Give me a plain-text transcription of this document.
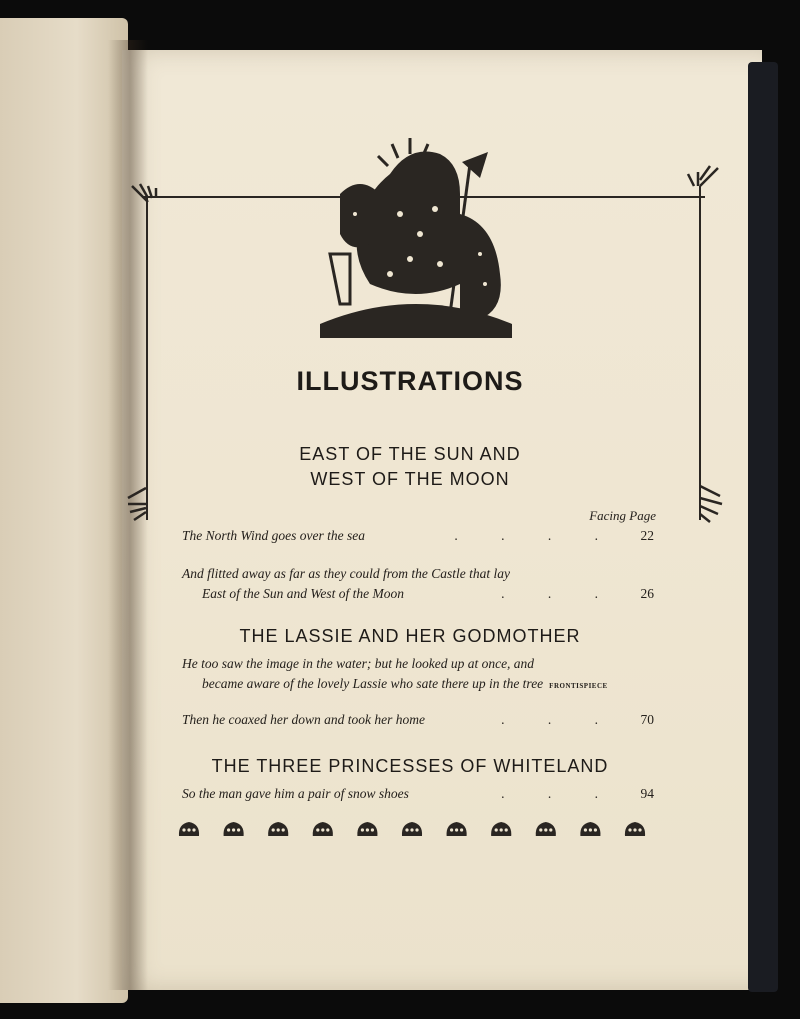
ILLUSTRATIONS
EAST OF THE SUN AND
WEST OF THE MOON
Facing Page
The North Wind goes over the sea	. . . .	22
And flitted away as far as they could from the Castle that lay
East of the Sun and West of the Moon	. . .	26
THE LASSIE AND HER GODMOTHER
He too saw the image in the water; but he looked up at once, and
became aware of the lovely Lassie who sate there up in the tree FRONTISPIECE
Then he coaxed her down and took her home	. . .	70
THE THREE PRINCESSES OF WHITELAND
So the man gave him a pair of snow shoes	. . .	94
